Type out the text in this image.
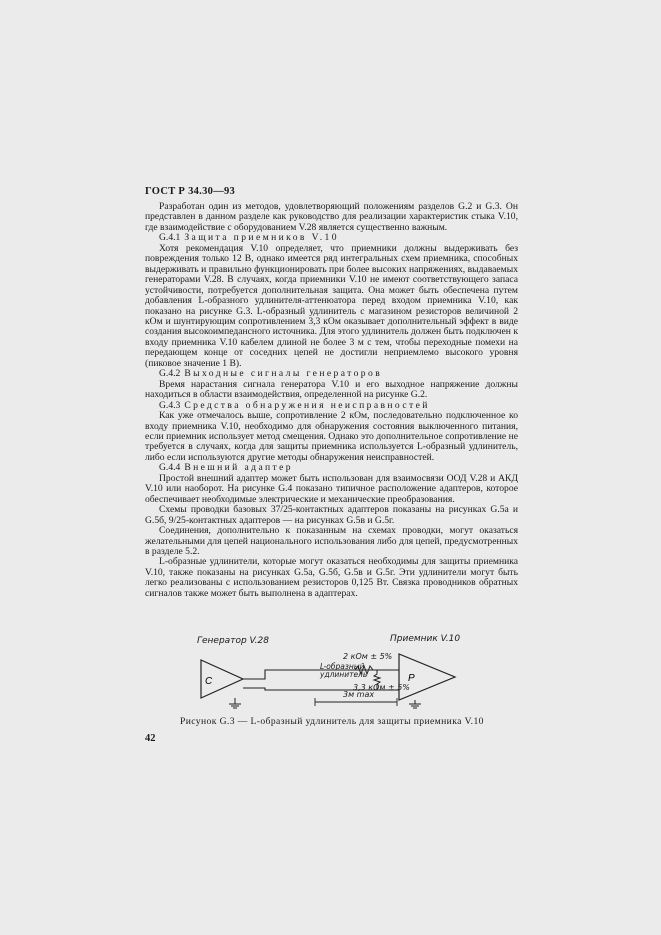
ГОСТ Р 34.30—93

Разработан один из методов, удовлетворяющий положениям разделов G.2 и G.3. Он представлен в данном разделе как руководство для реализации характеристик стыка V.10, где взаимодействие с оборудованием V.28 является существенно важным.

G.4.1 Защита приемников V.10

Хотя рекомендация V.10 определяет, что приемники должны выдерживать без повреждения только 12 В, однако имеется ряд интегральных схем приемника, способных выдерживать и правильно функционировать при более высоких напряжениях, выдаваемых генераторами V.28. В случаях, когда приемники V.10 не имеют соответствующего запаса устойчивости, потребуется дополнительная защита. Она может быть обеспечена путем добавления L-образного удлинителя-аттенюатора перед входом приемника V.10, как показано на рисунке G.3. L-образный удлинитель с магазином резисторов величиной 2 кОм и шунтирующим сопротивлением 3,3 кОм оказывает дополнительный эффект в виде создания высокоимпедансного источника. Для этого удлинитель должен быть подключен к входу приемника V.10 кабелем длиной не более 3 м с тем, чтобы переходные помехи на передающем конце от соседних цепей не достигли неприемлемо высокого уровня (пиковое значение 1 В).

G.4.2 Выходные сигналы генераторов

Время нарастания сигнала генератора V.10 и его выходное напряжение должны находиться в области взаимодействия, определенной на рисунке G.2.

G.4.3 Средства обнаружения неисправностей

Как уже отмечалось выше, сопротивление 2 кОм, последовательно подключенное ко входу приемника V.10, необходимо для обнаружения состояния выключенного питания, если приемник использует метод смещения. Однако это дополнительное сопротивление не требуется в случаях, когда для защиты приемника используется L-образный удлинитель, либо если используются другие методы обнаружения неисправностей.

G.4.4 Внешний адаптер

Простой внешний адаптер может быть использован для взаимосвязи ООД V.28 и АКД V.10 или наоборот. На рисунке G.4 показано типичное расположение адаптеров, которое обеспечивает необходимые электрические и механические преобразования.

Схемы проводки базовых 37/25-контактных адаптеров показаны на рисунках G.5а и G.5б, 9/25-контактных адаптеров — на рисунках G.5в и G.5г.

Соединения, дополнительно к показанным на схемах проводки, могут оказаться желательными для цепей национального использования либо для цепей, предусмотренных в разделе 5.2.

L-образные удлинители, которые могут оказаться необходимы для защиты приемника V.10, также показаны на рисунках G.5а, G.5б, G.5в и G.5г. Эти удлинители могут быть легко реализованы с использованием резисторов 0,125 Вт. Связка проводников обратных сигналов также может быть выполнена в адаптерах.

C	P
Генератор V.28	Приемник V.10
2 кОм ± 5%
L-образный удлинитель
3,3 кОм ± 5%
3м max
Рисунок G.3 — L-образный удлинитель для защиты приемника V.10
42
